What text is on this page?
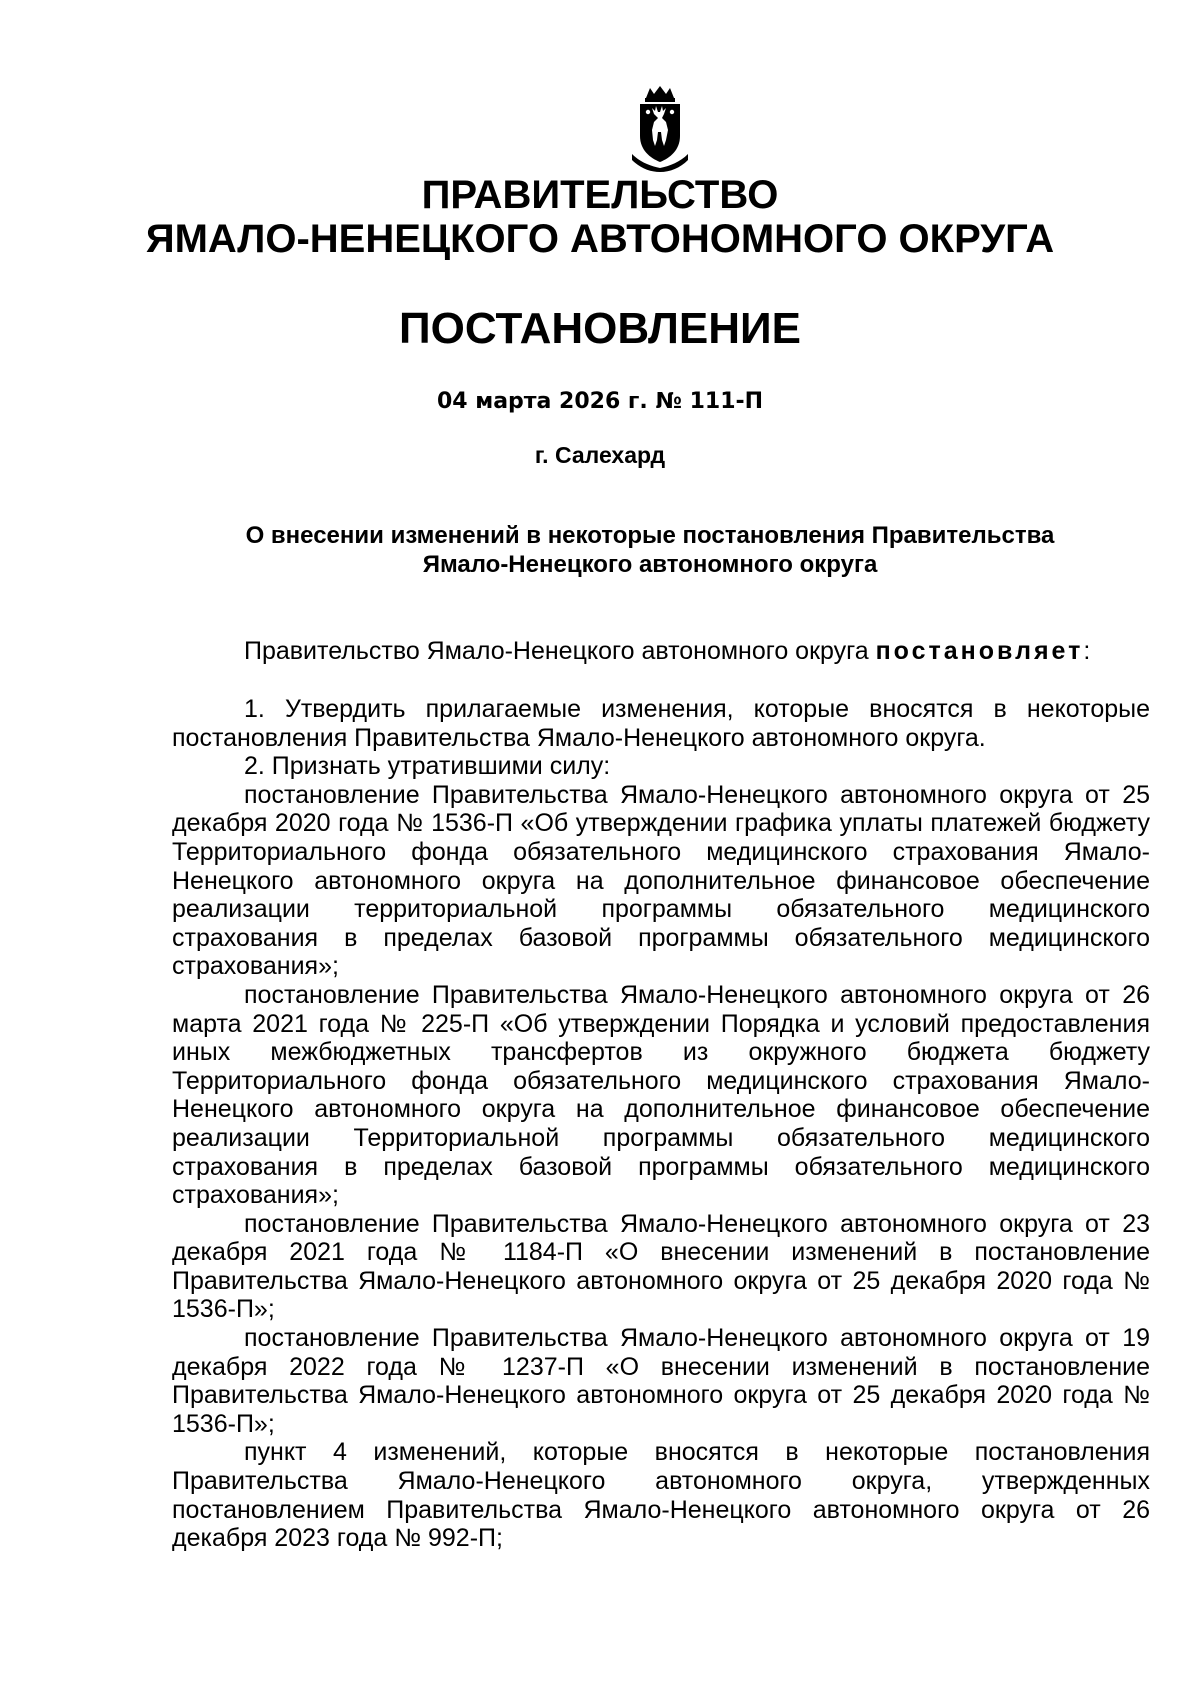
ПРАВИТЕЛЬСТВО
ЯМАЛО-НЕНЕЦКОГО АВТОНОМНОГО ОКРУГА
ПОСТАНОВЛЕНИЕ
04 марта 2026 г. № 111-П
г. Салехард
О внесении изменений в некоторые постановления Правительства
Ямало-Ненецкого автономного округа
Правительство Ямало-Ненецкого автономного округа постановляет:

1. Утвердить прилагаемые изменения, которые вносятся в некоторые постановления Правительства Ямало-Ненецкого автономного округа.

2. Признать утратившими силу:

постановление Правительства Ямало-Ненецкого автономного округа от 25 декабря 2020 года № 1536-П «Об утверждении графика уплаты платежей бюджету Территориального фонда обязательного медицинского страхования Ямало-Ненецкого автономного округа на дополнительное финансовое обеспечение реализации территориальной программы обязательного медицинского страхования в пределах базовой программы обязательного медицинского страхования»;

постановление Правительства Ямало-Ненецкого автономного округа от 26 марта 2021 года № 225-П «Об утверждении Порядка и условий предоставления иных межбюджетных трансфертов из окружного бюджета бюджету Территориального фонда обязательного медицинского страхования Ямало-Ненецкого автономного округа на дополнительное финансовое обеспечение реализации Территориальной программы обязательного медицинского страхования в пределах базовой программы обязательного медицинского страхования»;

постановление Правительства Ямало-Ненецкого автономного округа от 23 декабря 2021 года № 1184-П «О внесении изменений в постановление Правительства Ямало-Ненецкого автономного округа от 25 декабря 2020 года № 1536-П»;

постановление Правительства Ямало-Ненецкого автономного округа от 19 декабря 2022 года № 1237-П «О внесении изменений в постановление Правительства Ямало-Ненецкого автономного округа от 25 декабря 2020 года № 1536-П»;

пункт 4 изменений, которые вносятся в некоторые постановления Правительства Ямало-Ненецкого автономного округа, утвержденных постановлением Правительства Ямало-Ненецкого автономного округа от 26 декабря 2023 года № 992-П;
